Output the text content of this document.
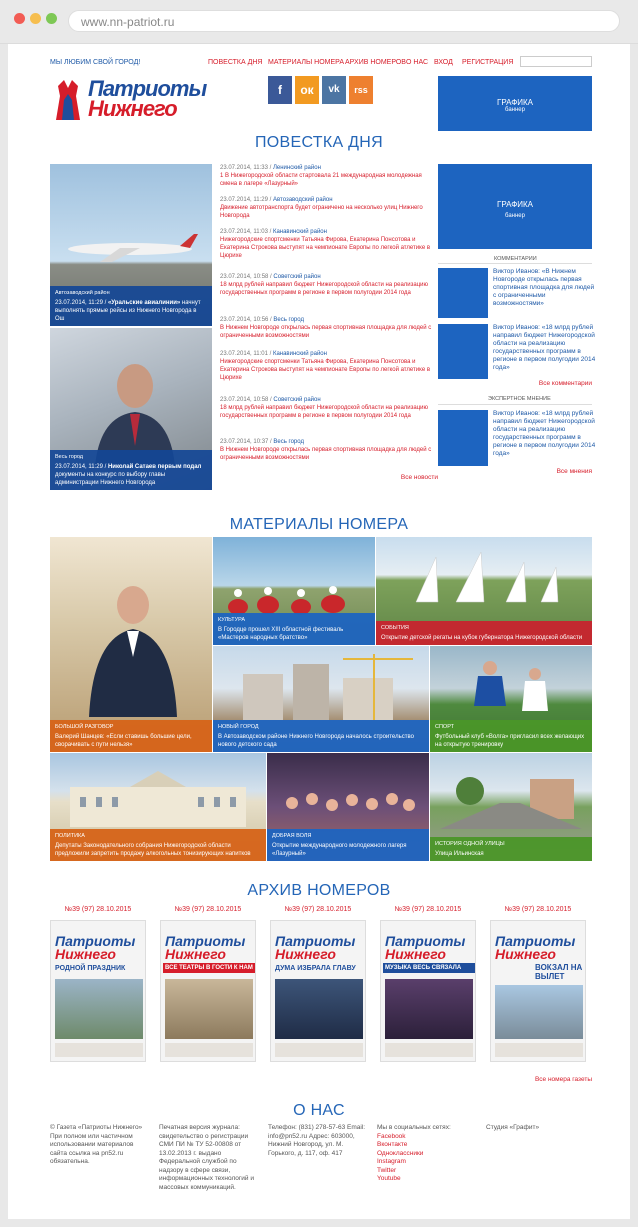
www.nn-patriot.ru
МЫ ЛЮБИМ СВОЙ ГОРОД!	ПОВЕСТКА ДНЯ МАТЕРИАЛЫ НОМЕРА АРХИВ НОМЕРОВ О НАС ВХОД РЕГИСТРАЦИЯ
Патриоты
Нижнего
f	ок	vk	rss
ГРАФИКА
баннер
ПОВЕСТКА ДНЯ
Автозаводский район
23.07.2014, 11:29 / «Уральские авиалинии» начнут выполнять прямые рейсы из Нижнего Новгорода в Ош
Весь город
23.07.2014, 11:29 / Николай Сатаев первым подал документы на конкурс по выбору главы администрации Нижнего Новгорода
23.07.2014, 11:33 / Ленинский район
1 В Нижегородской области стартовала 21 международная молодежная смена в лагере «Лазурный»
23.07.2014, 11:29 / Автозаводский район
Движение автотранспорта будет ограничено на несколько улиц Нижнего Новгорода
23.07.2014, 11:03 / Канавинский район
Нижегородские спортсменки Татьяна Фирова, Екатерина Понсотова и Екатерина Строкова выступят на чемпионате Европы по легкой атлетике в Цюрихе
23.07.2014, 10:58 / Советский район
18 млрд рублей направил бюджет Нижегородской области на реализацию государственных программ в регионе в первом полугодии 2014 года
23.07.2014, 10:56 / Весь город
В Нижнем Новгороде открылась первая спортивная площадка для людей с ограниченными возможностями
23.07.2014, 11:01 / Канавинский район
Нижегородские спортсменки Татьяна Фирова, Екатерина Понсотова и Екатерина Строкова выступят на чемпионате Европы по легкой атлетике в Цюрихе
23.07.2014, 10:58 / Советский район
18 млрд рублей направил бюджет Нижегородской области на реализацию государственных программ в регионе в первом полугодии 2014 года
23.07.2014, 10:37 / Весь город
В Нижнем Новгороде открылась первая спортивная площадка для людей с ограниченными возможностями
Все новости
ГРАФИКА
баннер
КОММЕНТАРИИ
Виктор Иванов: «В Нижнем Новгороде открылась первая спортивная площадка для людей с ограниченными возможностями»
Виктор Иванов: «18 млрд рублей направил бюджет Нижегородской области на реализацию государственных программ в регионе в первом полугодии 2014 года»
Все комментарии
ЭКСПЕРТНОЕ МНЕНИЕ
Виктор Иванов: «18 млрд рублей направил бюджет Нижегородской области на реализацию государственных программ в регионе в первом полугодии 2014 года»
Все мнения
МАТЕРИАЛЫ НОМЕРА
БОЛЬШОЙ РАЗГОВОР
Валерий Шанцев: «Если ставишь большие цели, сворачивать с пути нельзя»
КУЛЬТУРА
В Городце прошел XIII областной фестиваль «Мастеров народных братство»
СОБЫТИЯ
Открытие детской регаты на кубок губернатора Нижегородской области
НОВЫЙ ГОРОД
В Автозаводском районе Нижнего Новгорода началось строительство нового детского сада
СПОРТ
Футбольный клуб «Волга» пригласил всех желающих на открытую тренировку
ПОЛИТИКА
Депутаты Законодательного собрания Нижегородской области предложили запретить продажу алкогольных тонизирующих напитков
ДОБРАЯ ВОЛЯ
Открытие международного молодежного лагеря «Лазурный»
ИСТОРИЯ ОДНОЙ УЛИЦЫ
Улица Ильинская
АРХИВ НОМЕРОВ
№39 (97) 28.10.2015
Патриоты
Нижнего
РОДНОЙ ПРАЗДНИК
№39 (97) 28.10.2015
Патриоты
Нижнего
ВСЕ ТЕАТРЫ В ГОСТИ К НАМ
№39 (97) 28.10.2015
Патриоты
Нижнего
ДУМА ИЗБРАЛА ГЛАВУ
№39 (97) 28.10.2015
Патриоты
Нижнего
МУЗЫКА ВЕСЬ СВЯЗАЛА
№39 (97) 28.10.2015
Патриоты
Нижнего
ВОКЗАЛ НА ВЫЛЕТ
Все номера газеты
О НАС
© Газета «Патриоты Нижнего» При полном или частичном использовании материалов сайта ссылка на pn52.ru обязательна.
Печатная версия журнала: свидетельство о регистрации СМИ ПИ № ТУ 52-00808 от 13.02.2013 г. выдано Федеральной службой по надзору в сфере связи, информационных технологий и массовых коммуникаций.
Телефон: (831) 278-57-63 Email: info@pn52.ru Адрес: 603000, Нижний Новгород, ул. М. Горького, д. 117, оф. 417
Мы в социальных сетях:
Facebook
Вконтакте
Одноклассники
Instagram
Twitter
Youtube
Студия «Графит»
